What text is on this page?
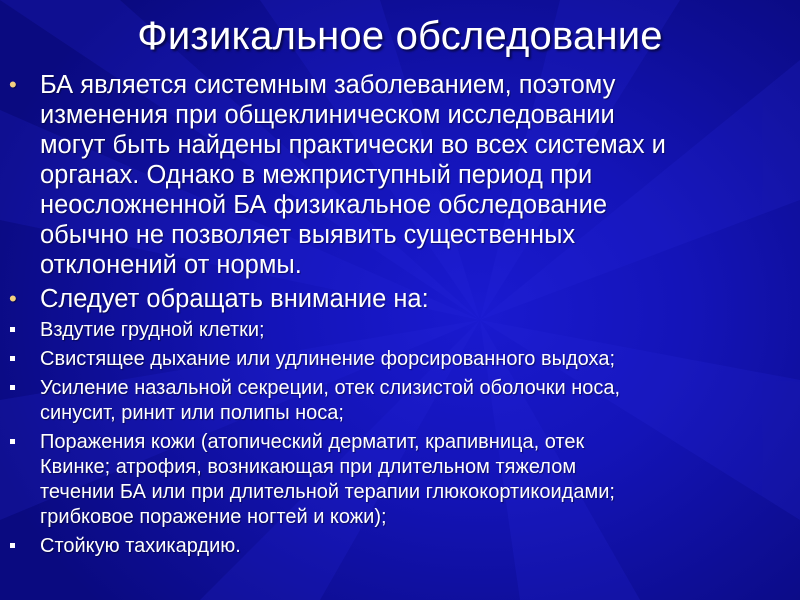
Физикальное обследование
• БА является системным заболеванием, поэтому
изменения при общеклиническом исследовании
могут быть найдены практически во всех системах и
органах. Однако в межприступный период при
неосложненной БА физикальное обследование
обычно не позволяет выявить существенных
отклонений от нормы.
• Следует обращать внимание на:
Вздутие грудной клетки;
Свистящее дыхание или удлинение форсированного выдоха;
Усиление назальной секреции, отек слизистой оболочки носа,
синусит, ринит или полипы носа;
Поражения кожи (атопический дерматит, крапивница, отек
Квинке; атрофия, возникающая при длительном тяжелом
течении БА или при длительной терапии глюкокортикоидами;
грибковое поражение ногтей и кожи);
Стойкую тахикардию.
